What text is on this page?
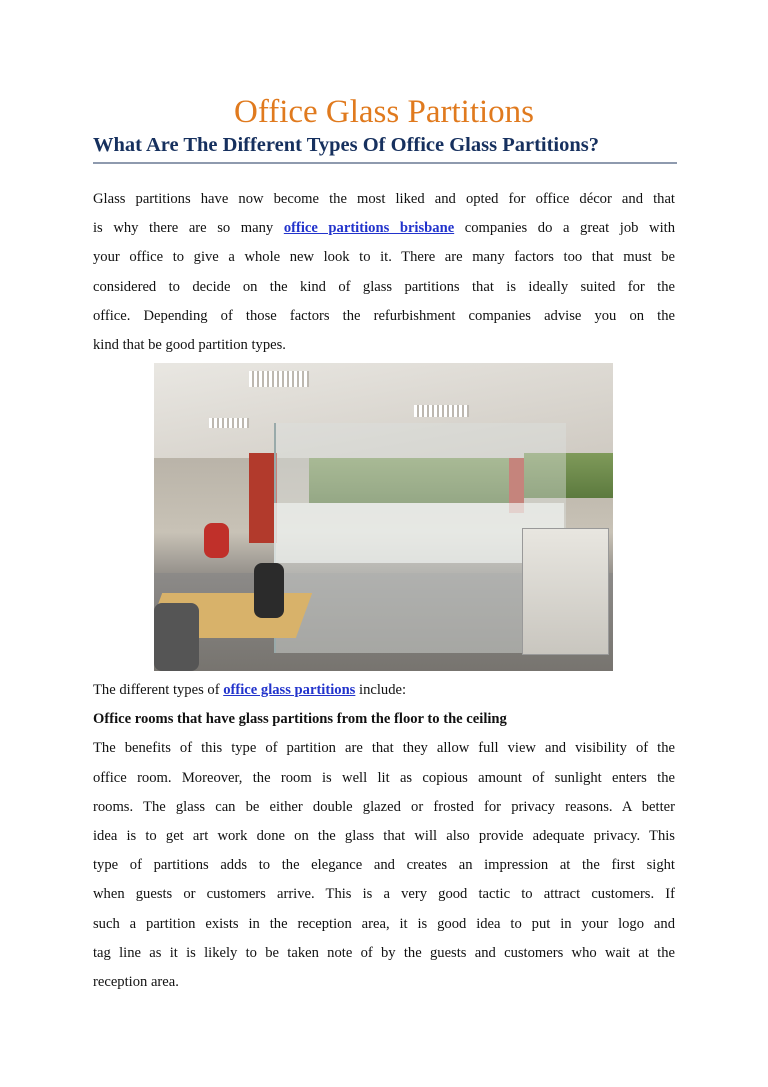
Office Glass Partitions
What Are The Different Types Of Office Glass Partitions?
Glass partitions have now become the most liked and opted for office décor and that
is why there are so many office partitions brisbane companies do a great job with
your office to give a whole new look to it. There are many factors too that must be
considered to decide on the kind of glass partitions that is ideally suited for the
office. Depending of those factors the refurbishment companies advise you on the
kind that be good partition types.
The different types of office glass partitions include:
Office rooms that have glass partitions from the floor to the ceiling
The benefits of this type of partition are that they allow full view and visibility of the
office room. Moreover, the room is well lit as copious amount of sunlight enters the
rooms. The glass can be either double glazed or frosted for privacy reasons. A better
idea is to get art work done on the glass that will also provide adequate privacy. This
type of partitions adds to the elegance and creates an impression at the first sight
when guests or customers arrive. This is a very good tactic to attract customers. If
such a partition exists in the reception area, it is good idea to put in your logo and
tag line as it is likely to be taken note of by the guests and customers who wait at the
reception area.
